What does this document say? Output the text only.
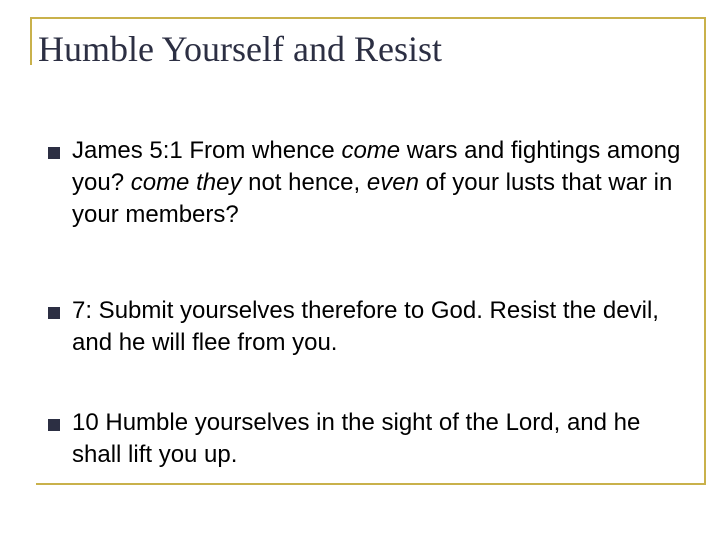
Humble Yourself and Resist
James 5:1 From whence come wars and fightings among you? come they not hence, even of your lusts that war in your members?
7: Submit yourselves therefore to God. Resist the devil, and he will flee from you.
10 Humble yourselves in the sight of the Lord, and he shall lift you up.
